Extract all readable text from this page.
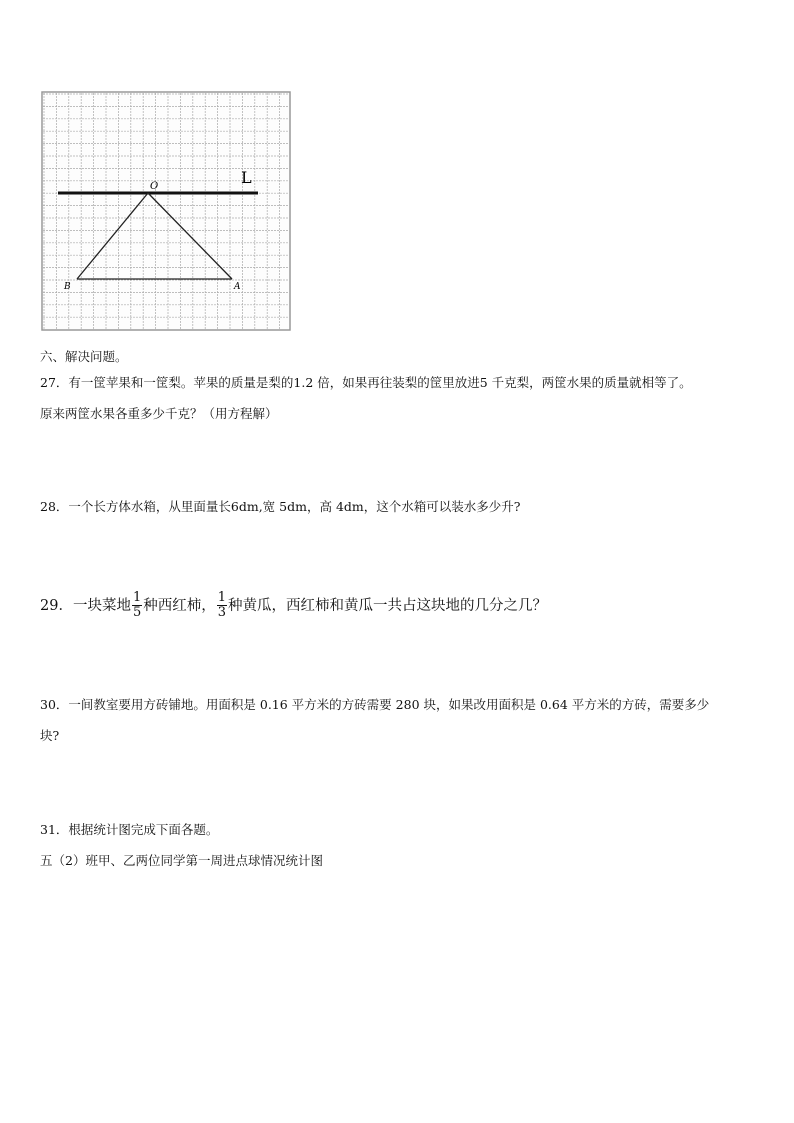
O	L
B	A
六、解决问题。
27．有一筐苹果和一筐梨。苹果的质量是梨的1.2 倍，如果再往装梨的筐里放进5 千克梨，两筐水果的质量就相等了。
原来两筐水果各重多少千克？（用方程解）
28．一个长方体水箱，从里面量长6dm,宽 5dm，高 4dm，这个水箱可以装水多少升?
29．一块菜地 $\frac{1}{5}$ 种西红柿， $\frac{1}{3}$ 种黄瓜，西红柿和黄瓜一共占这块地的几分之几？
30．一间教室要用方砖铺地。用面积是 0.16 平方米的方砖需要 280 块，如果改用面积是 0.64 平方米的方砖，需要多少
块?
31．根据统计图完成下面各题。
五（2）班甲、乙两位同学第一周进点球情况统计图
